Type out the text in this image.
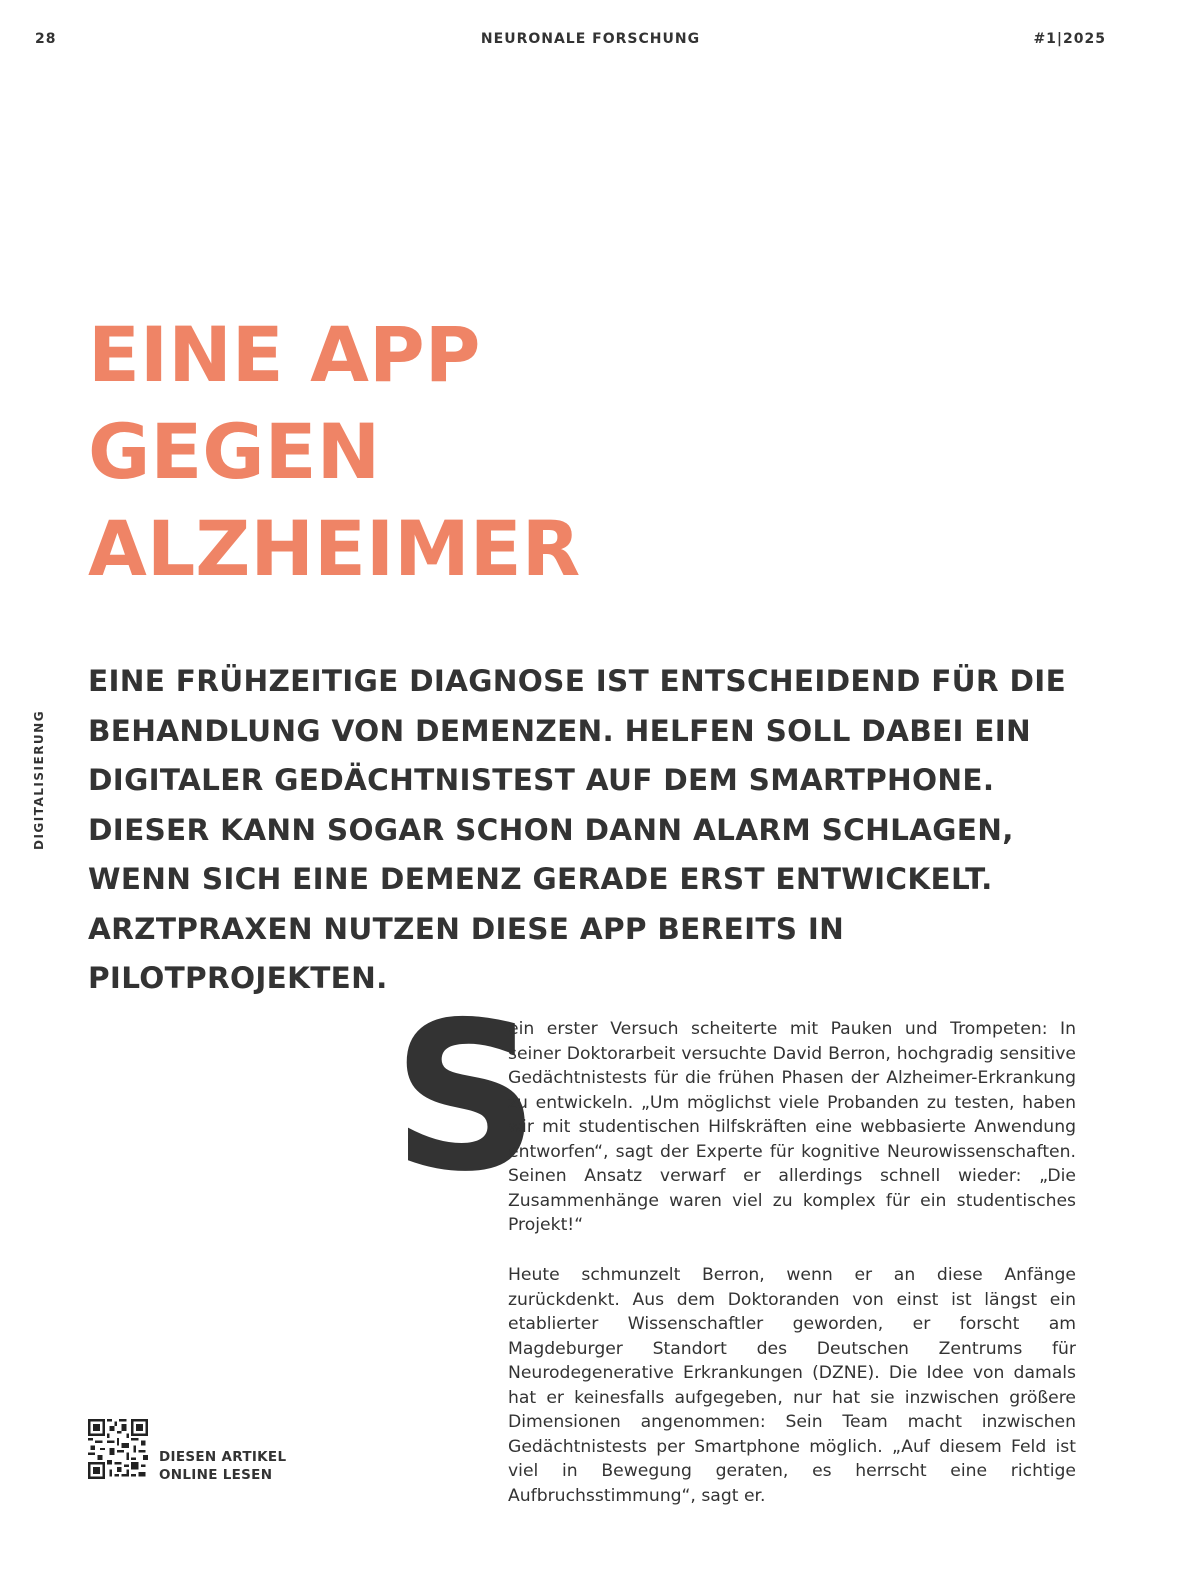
28	NEURONALE FORSCHUNG	#1|2025
EINE APP
GEGEN
ALZHEIMER
DIGITALISIERUNG

EINE FRÜHZEITIGE DIAGNOSE IST ENTSCHEIDEND FÜR DIE BEHANDLUNG VON DEMENZEN. HELFEN SOLL DABEI EIN DIGITALER GEDÄCHTNISTEST AUF DEM SMARTPHONE. DIESER KANN SOGAR SCHON DANN ALARM SCHLAGEN, WENN SICH EINE DEMENZ GERADE ERST ENTWICKELT. ARZTPRAXEN NUTZEN DIESE APP BEREITS IN PILOTPROJEKTEN.

S

ein erster Versuch scheiterte mit Pauken und Trompeten: In seiner Doktorarbeit versuchte David Berron, hochgradig sensitive Gedächtnistests für die frühen Phasen der Alzheimer-Erkrankung zu entwickeln. „Um möglichst viele Probanden zu testen, haben wir mit studentischen Hilfskräften eine webbasierte Anwendung entworfen“, sagt der Experte für kognitive Neurowissenschaften. Seinen Ansatz verwarf er allerdings schnell wieder: „Die Zusammenhänge waren viel zu komplex für ein studentisches Projekt!“

Heute schmunzelt Berron, wenn er an diese Anfänge zurückdenkt. Aus dem Doktoranden von einst ist längst ein etablierter Wissenschaftler geworden, er forscht am Magdeburger Standort des Deutschen Zentrums für Neurodegenerative Erkrankungen (DZNE). Die Idee von damals hat er keinesfalls aufgegeben, nur hat sie inzwischen größere Dimensionen angenommen: Sein Team macht inzwischen Gedächtnistests per Smartphone möglich. „Auf diesem Feld ist viel in Bewegung geraten, es herrscht eine richtige Aufbruchsstimmung“, sagt er.

DIESEN ARTIKEL
ONLINE LESEN
